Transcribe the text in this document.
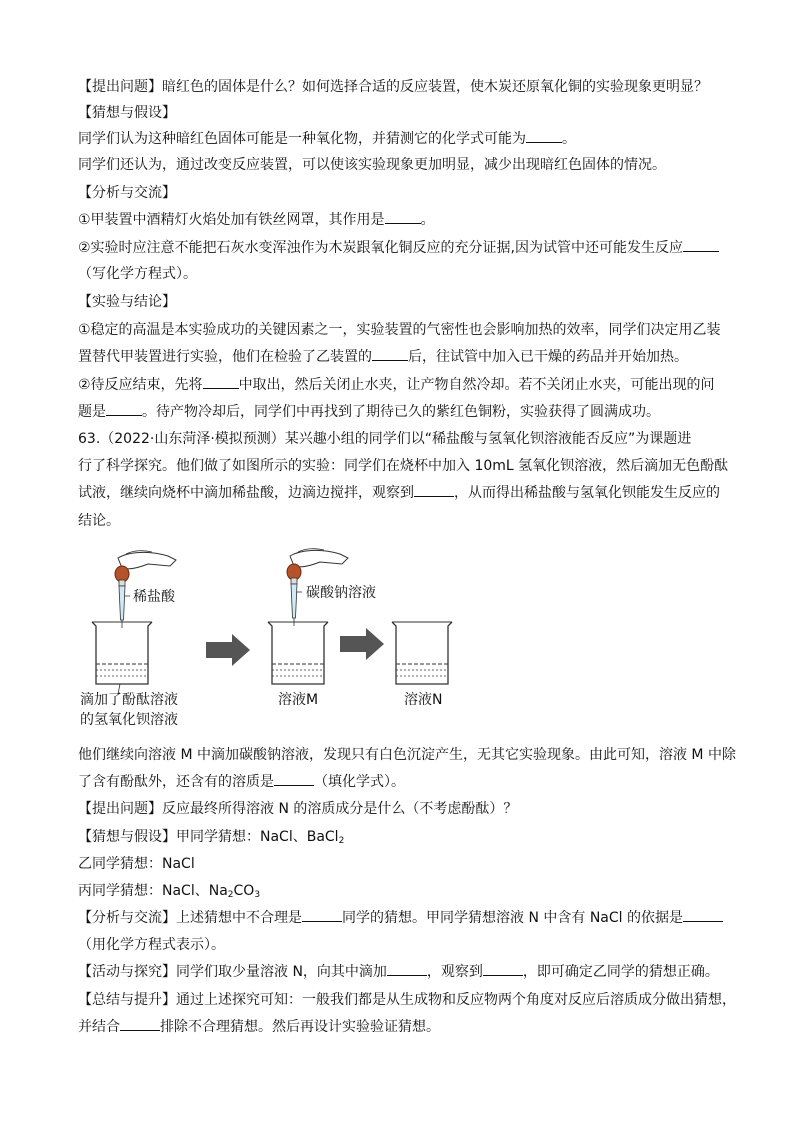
【提出问题】暗红色的固体是什么？如何选择合适的反应装置，使木炭还原氧化铜的实验现象更明显？
【猜想与假设】
同学们认为这种暗红色固体可能是一种氧化物，并猜测它的化学式可能为	。
同学们还认为，通过改变反应装置，可以使该实验现象更加明显，减少出现暗红色固体的情况。
【分析与交流】
①甲装置中酒精灯火焰处加有铁丝网罩，其作用是	。
②实验时应注意不能把石灰水变浑浊作为木炭跟氧化铜反应的充分证据,因为试管中还可能发生反应
（写化学方程式）。
【实验与结论】
①稳定的高温是本实验成功的关键因素之一，实验装置的气密性也会影响加热的效率，同学们决定用乙装
置替代甲装置进行实验，他们在检验了乙装置的	后，往试管中加入已干燥的药品并开始加热。
②待反应结束，先将	中取出，然后关闭止水夹，让产物自然冷却。若不关闭止水夹，可能出现的问
题是	。待产物冷却后，同学们中再找到了期待已久的紫红色铜粉，实验获得了圆满成功。
63.（2022·山东菏泽·模拟预测）某兴趣小组的同学们以“稀盐酸与氢氧化钡溶液能否反应”为课题进
行了科学探究。他们做了如图所示的实验：同学们在烧杯中加入 10mL 氢氧化钡溶液，然后滴加无色酚酞
试液，继续向烧杯中滴加稀盐酸，边滴边搅拌，观察到	，从而得出稀盐酸与氢氧化钡能发生反应的
结论。
稀盐酸	碳酸钠溶液
滴加了酚酞溶液
的氢氧化钡溶液
溶液M	溶液N
他们继续向溶液 M 中滴加碳酸钠溶液，发现只有白色沉淀产生，无其它实验现象。由此可知，溶液 M 中除
了含有酚酞外，还含有的溶质是	（填化学式）。
【提出问题】反应最终所得溶液 N 的溶质成分是什么（不考虑酚酞）？
【猜想与假设】甲同学猜想：NaCl、BaCl$_2$
乙同学猜想：NaCl
丙同学猜想：NaCl、$Na_2CO_3$
【分析与交流】上述猜想中不合理是	同学的猜想。甲同学猜想溶液 N 中含有 NaCl 的依据是
（用化学方程式表示）。
【活动与探究】同学们取少量溶液 N，向其中滴加	，观察到	，即可确定乙同学的猜想正确。
【总结与提升】通过上述探究可知：一般我们都是从生成物和反应物两个角度对反应后溶质成分做出猜想，
并结合	排除不合理猜想。然后再设计实验验证猜想。
